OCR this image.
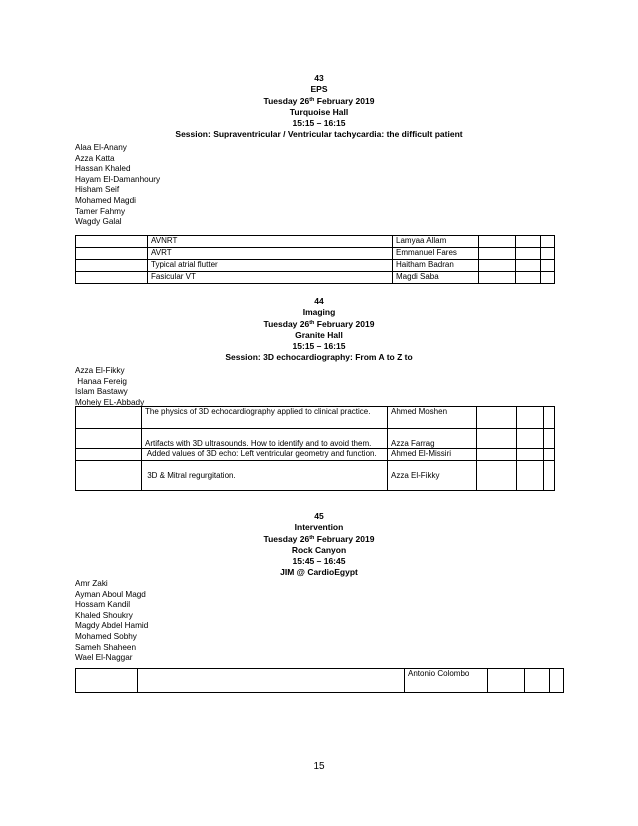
43
EPS
Tuesday 26th February 2019
Turquoise Hall
15:15 – 16:15
Session: Supraventricular / Ventricular tachycardia: the difficult patient
Alaa El-Anany
Azza Katta
Hassan Khaled
Hayam El-Damanhoury
Hisham Seif
Mohamed Magdi
Tamer Fahmy
Wagdy Galal
	AVNRT	Lamyaa Allam			
	AVRT	Emmanuel Fares			
	Typical atrial flutter	Haitham Badran			
	Fasicular VT	Magdi Saba			
44
Imaging
Tuesday 26th February 2019
Granite Hall
15:15 – 16:15
Session: 3D echocardiography: From A to Z to
Azza El-Fikky
Hanaa Fereig
Islam Bastawy
Moheiy EL-Abbady
	The physics of 3D echocardiography applied to clinical practice.	Ahmed Moshen			
	Artifacts with 3D ultrasounds. How to identify and to avoid them.	Azza Farrag			
	Added values of 3D echo: Left ventricular geometry and function.	Ahmed El-Missiri			
	3D & Mitral regurgitation.	Azza El-Fikky			
45
Intervention
Tuesday 26th February 2019
Rock Canyon
15:45 – 16:45
JIM @ CardioEgypt
Amr Zaki
Ayman Aboul Magd
Hossam Kandil
Khaled Shoukry
Magdy Abdel Hamid
Mohamed Sobhy
Sameh Shaheen
Wael El-Naggar
		Antonio Colombo			
15
